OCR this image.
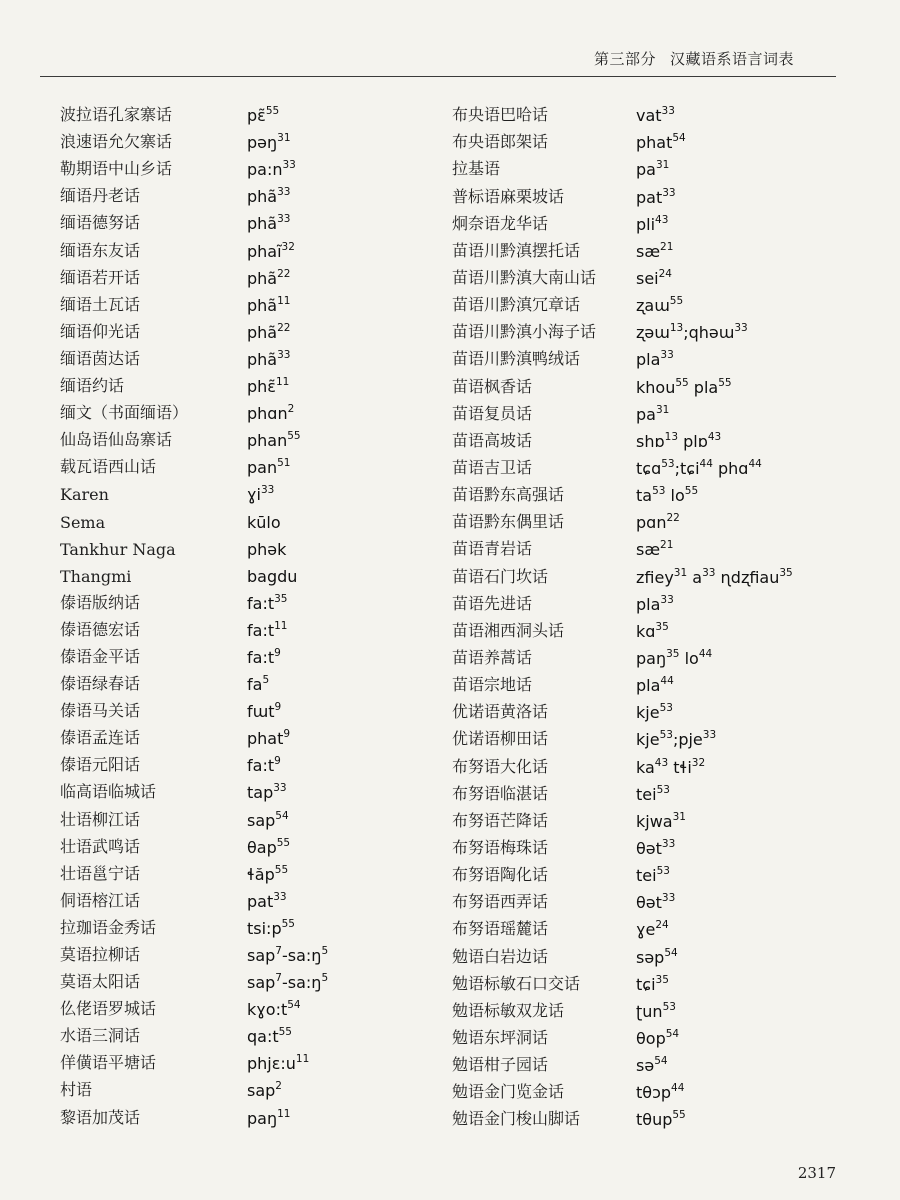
第三部分 汉藏语系语言词表
波拉语孔家寨话	pɛ̃$^{55}$
浪速语允欠寨话	pəŋ$^{31}$
勒期语中山乡话	$pa:n^{33}$
缅语丹老话	phã$^{33}$
缅语德努话	phã$^{33}$
缅语东友话	phaĩ$^{32}$
缅语若开话	phã$^{22}$
缅语土瓦话	phã$^{11}$
缅语仰光话	phã$^{22}$
缅语茵达话	phã$^{33}$
缅语约话	phɛ̃$^{11}$
缅文（书面缅语）	phɑn$^2$
仙岛语仙岛寨话	phan$^{55}$
载瓦语西山话	pan$^{51}$
Karen	ɣi$^{33}$
Sema	kūlo
Tankhur Naga	phək
Thangmi	bagdu
傣语版纳话	$fa:t^{35}$
傣语德宏话	$fa:t^{11}$
傣语金平话	$fa:t^9$
傣语绿春话	$fa^5$
傣语马关话	fɯt$^9$
傣语孟连话	phat$^9$
傣语元阳话	$fa:t^9$
临高语临城话	tap$^{33}$
壮语柳江话	sap$^{54}$
壮语武鸣话	θap$^{55}$
壮语邕宁话	ɬăp$^{55}$
侗语榕江话	pat$^{33}$
拉珈语金秀话	$tsi:p^{55}$
莫语拉柳话	$sap^7-sa:ŋ^5$
莫语太阳话	$sap^7-sa:ŋ^5$
仫佬语罗城话	$kɣo:t^{54}$
水语三洞话	$qa:t^{55}$
佯僙语平塘话	$phjɛ:u^{11}$
村语	sap$^2$
黎语加茂话	paŋ$^{11}$
布央语巴哈话	vat$^{33}$
布央语郎架话	phat$^{54}$
拉基语	$pa^{31}$
普标语麻栗坡话	pat$^{33}$
炯奈语龙华话	pli$^{43}$
苗语川黔滇摆托话	$sæ^{21}$
苗语川黔滇大南山话	sei$^{24}$
苗语川黔滇冗章话	ʐaɯ$^{55}$
苗语川黔滇小海子话	ʐəɯ$^{13}$;qhəɯ$^{33}$
苗语川黔滇鸭绒话	pla$^{33}$
苗语枫香话	khou$^{55}$ pla$^{55}$
苗语复员话	$pa^{31}$
苗语高坡话	shɒ$^{13}$ plɒ$^{43}$
苗语吉卫话	tɕɑ$^{53}$;tɕi$^{44}$ phɑ$^{44}$
苗语黔东高强话	$ta^{53}$ $lo^{55}$
苗语黔东偶里话	pɑn$^{22}$
苗语青岩话	$sæ^{21}$
苗语石门坎话	zfiey$^{31}$ $a^{33}$ ɳdʐfiau$^{35}$
苗语先进话	pla$^{33}$
苗语湘西洞头话	kɑ$^{35}$
苗语养蒿话	paŋ$^{35}$ $lo^{44}$
苗语宗地话	pla$^{44}$
优诺语黄洛话	kje$^{53}$
优诺语柳田话	kje$^{53}$;pje$^{33}$
布努语大化话	$ka^{43}$ tɬi$^{32}$
布努语临湛话	tei$^{53}$
布努语芒降话	kjwa$^{31}$
布努语梅珠话	θət$^{33}$
布努语陶化话	tei$^{53}$
布努语西弄话	θət$^{33}$
布努语瑶麓话	ɣe$^{24}$
勉语白岩边话	səp$^{54}$
勉语标敏石口交话	tɕi$^{35}$
勉语标敏双龙话	ʈun$^{53}$
勉语东坪洞话	θop$^{54}$
勉语柑子园话	sə$^{54}$
勉语金门览金话	tθɔp$^{44}$
勉语金门梭山脚话	tθup$^{55}$
2317
